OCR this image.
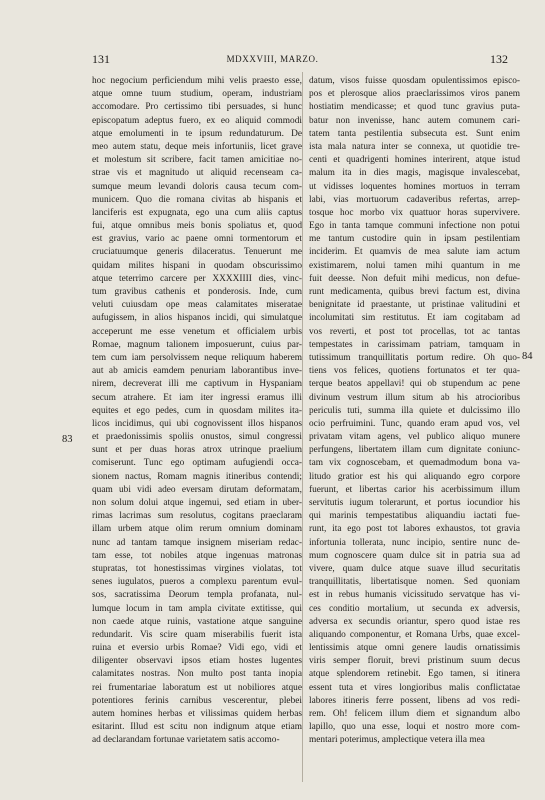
131	MDXXVIII, MARZO.	132
83
84
hoc negocium perficiendum mihi velis praesto esse,
atque omne tuum studium, operam, industriam
accomodare. Pro certissimo tibi persuades, si hunc
episcopatum adeptus fuero, ex eo aliquid commodi
atque emolumenti in te ipsum redundaturum. De
meo autem statu, deque meis infortuniis, licet grave
et molestum sit scribere, facit tamen amicitiae no-
strae vis et magnitudo ut aliquid recenseam ca-
sumque meum levandi doloris causa tecum com-
municem. Quo die romana civitas ab hispanis et
lanciferis est expugnata, ego una cum aliis captus
fui, atque omnibus meis bonis spoliatus et, quod
est gravius, vario ac paene omni tormentorum et
cruciatuumque generis dilaceratus. Tenuerunt me
quidam milites hispani in quodam obscurissimo
atque teterrimo carcere per XXXXIIII dies, vinc-
tum gravibus cathenis et ponderosis. Inde, cum
veluti cuiusdam ope meas calamitates miseratae
aufugissem, in alios hispanos incidi, qui simulatque
acceperunt me esse venetum et officialem urbis
Romae, magnum talionem imposuerunt, cuius par-
tem cum iam persolvissem neque reliquum haberem
aut ab amicis eamdem penuriam laborantibus inve-
nirem, decreverat illi me captivum in Hyspaniam
secum atrahere. Et iam iter ingressi eramus illi
equites et ego pedes, cum in quosdam milites ita-
licos incidimus, qui ubi cognovissent illos hispanos
et praedonissimis spoliis onustos, simul congressi
sunt et per duas horas atrox utrinque praelium
comiserunt. Tunc ego optimam aufugiendi occa-
sionem nactus, Romam magnis itineribus contendi;
quam ubi vidi adeo eversam dirutam deformatam,
non solum dolui atque ingemui, sed etiam in uber-
rimas lacrimas sum resolutus, cogitans praeclaram
illam urbem atque olim rerum omnium dominam
nunc ad tantam tamque insignem miseriam redac-
tam esse, tot nobiles atque ingenuas matronas
stupratas, tot honestissimas virgines violatas, tot
senes iugulatos, pueros a complexu parentum evul-
sos, sacratissima Deorum templa profanata, nul-
lumque locum in tam ampla civitate extitisse, qui
non caede atque ruinis, vastatione atque sanguine
redundarit. Vis scire quam miserabilis fuerit ista
ruina et eversio urbis Romae? Vidi ego, vidi et
diligenter observavi ipsos etiam hostes lugentes
calamitates nostras. Non multo post tanta inopia
rei frumentariae laboratum est ut nobiliores atque
potentiores ferinis carnibus vescerentur, plebei
autem homines herbas et vilissimas quidem herbas
esitarint. Illud est scitu non indignum atque etiam
ad declarandam fortunae varietatem satis accomo-
datum, visos fuisse quosdam opulentissimos episco-
pos et plerosque alios praeclarissimos viros panem
hostiatim mendicasse; et quod tunc gravius puta-
batur non invenisse, hanc autem comunem cari-
tatem tanta pestilentia subsecuta est. Sunt enim
ista mala natura inter se connexa, ut quotidie tre-
centi et quadrigenti homines interirent, atque istud
malum ita in dies magis, magisque invalescebat,
ut vidisses loquentes homines mortuos in terram
labi, vias mortuorum cadaveribus refertas, arrep-
tosque hoc morbo vix quattuor horas supervivere.
Ego in tanta tamque communi infectione non potui
me tantum custodire quin in ipsam pestilentiam
inciderim. Et quamvis de mea salute iam actum
existimarem, nolui tamen mihi quantum in me
fuit deesse. Non defuit mihi medicus, non defue-
runt medicamenta, quibus brevi factum est, divina
benignitate id praestante, ut pristinae valitudini et
incolumitati sim restitutus. Et iam cogitabam ad
vos reverti, et post tot procellas, tot ac tantas
tempestates in carissimam patriam, tamquam in
tutissimum tranquillitatis portum redire. Oh quo-
tiens vos felices, quotiens fortunatos et ter qua-
terque beatos appellavi! qui ob stupendum ac pene
divinum vestrum illum situm ab his atrocioribus
periculis tuti, summa illa quiete et dulcissimo illo
ocio perfruimini. Tunc, quando eram apud vos, vel
privatam vitam agens, vel publico aliquo munere
perfungens, libertatem illam cum dignitate coniunc-
tam vix cognoscebam, et quemadmodum bona va-
litudo gratior est his qui aliquando egro corpore
fuerunt, et libertas carior his acerbissimum illum
servitutis iugum tolerarunt, et portus iocundior his
qui marinis tempestatibus aliquandiu iactati fue-
runt, ita ego post tot labores exhaustos, tot gravia
infortunia tollerata, nunc incipio, sentire nunc de-
mum cognoscere quam dulce sit in patria sua ad
vivere, quam dulce atque suave illud securitatis
tranquillitatis, libertatisque nomen. Sed quoniam
est in rebus humanis vicissitudo servatque has vi-
ces conditio mortalium, ut secunda ex adversis,
adversa ex secundis oriantur, spero quod istae res
aliquando componentur, et Romana Urbs, quae excel-
lentissimis atque omni genere laudis ornatissimis
viris semper floruit, brevi pristinum suum decus
atque splendorem retinebit. Ego tamen, si itinera
essent tuta et vires longioribus malis conflictatae
labores itineris ferre possent, libens ad vos redi-
rem. Oh! felicem illum diem et signandum albo
lapillo, quo una esse, loqui et nostro more com-
mentari poterimus, amplectique vetera illa mea
